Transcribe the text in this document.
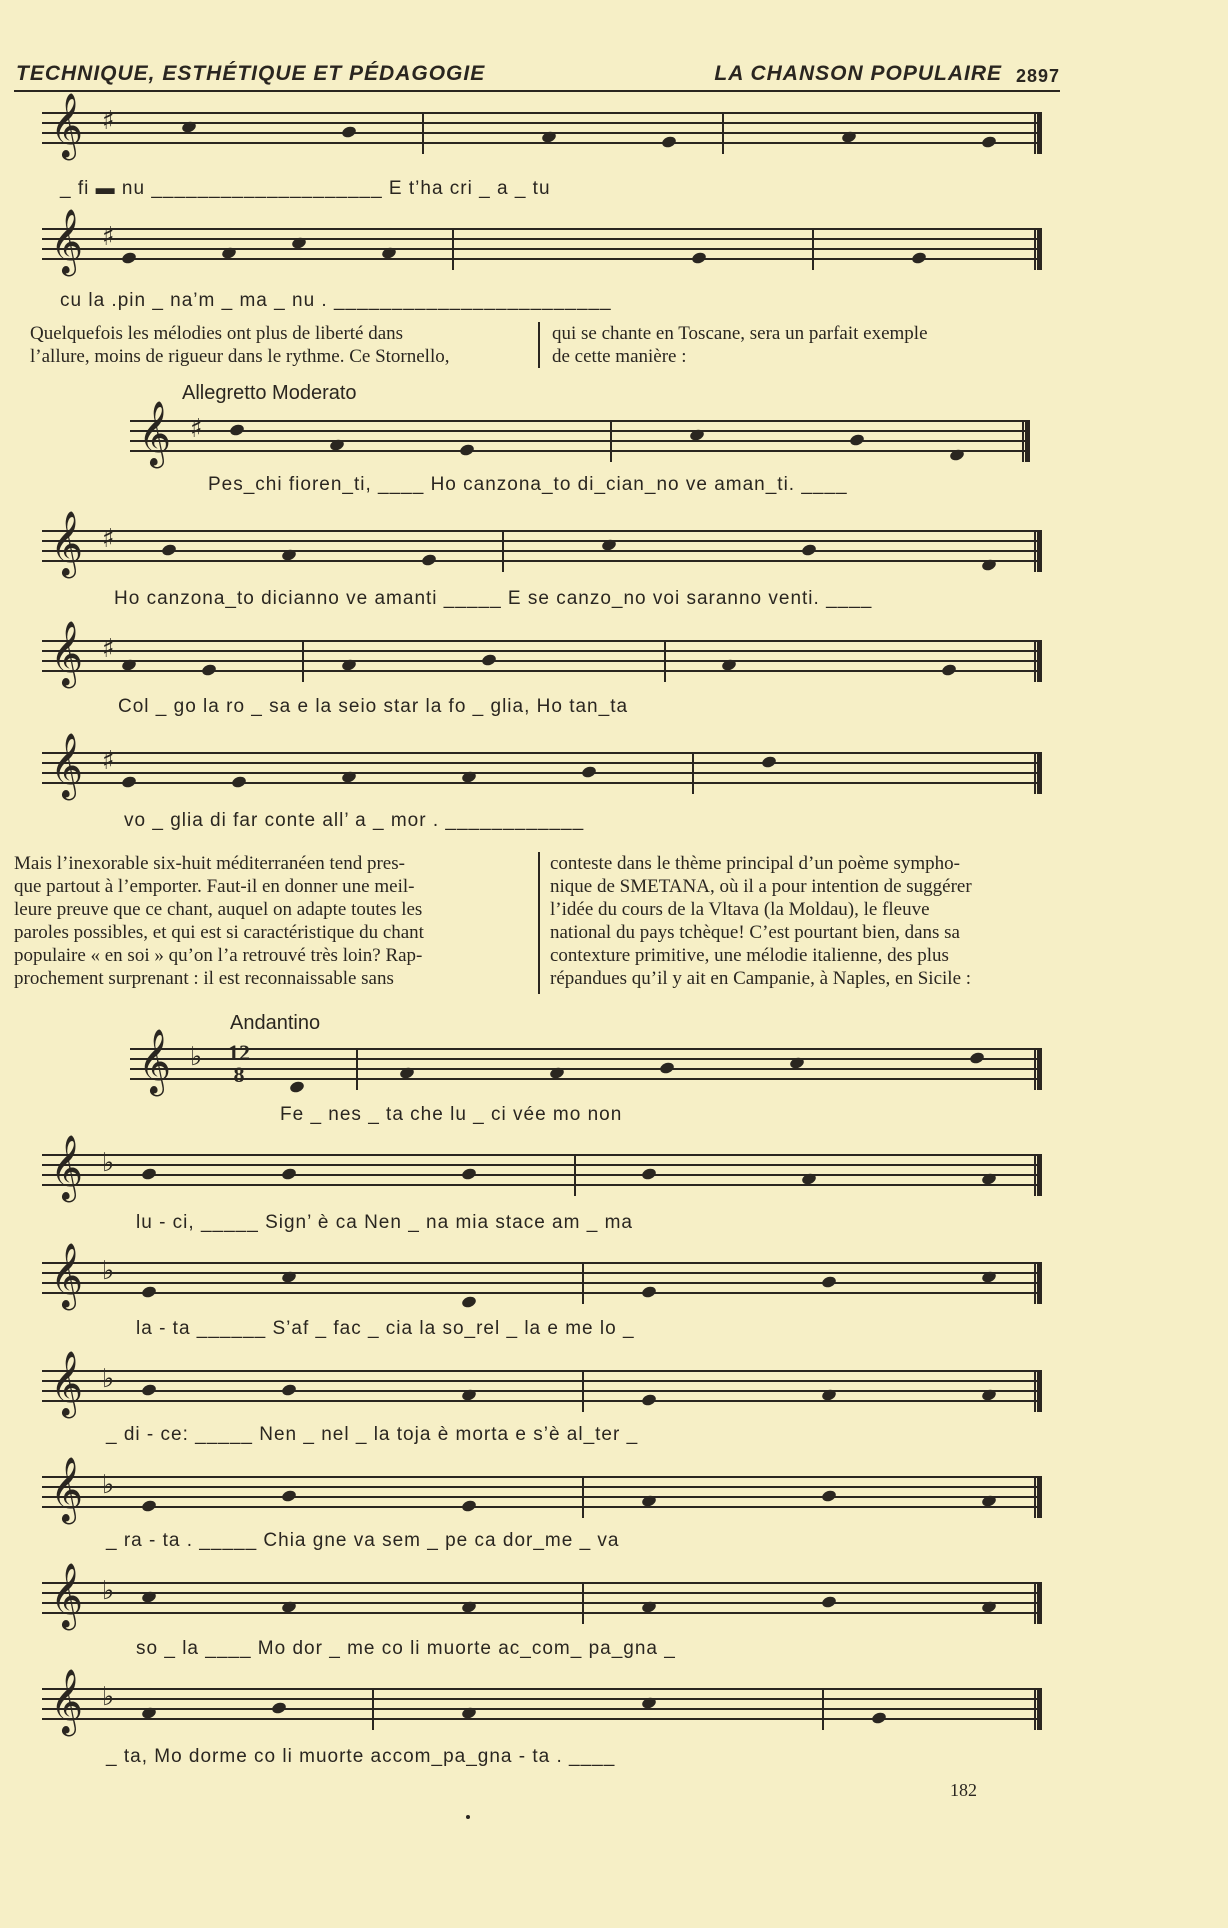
TECHNIQUE, ESTHÉTIQUE ET PÉDAGOGIE	LA CHANSON POPULAIRE 2897
𝄞 ♯
_ fi ▬ nu ____________________ E t’ha cri _ a _ tu
𝄞 ♯
cu la .pin _ na’m _ ma _ nu . ________________________
Quelquefois les mélodies ont plus de liberté dans
l’allure, moins de rigueur dans le rythme. Ce Stornello,
qui se chante en Toscane, sera un parfait exemple
de cette manière :
Allegretto Moderato
𝄞 ♯
Pes_chi fioren_ti, ____ Ho canzona_to di_cian_no ve aman_ti. ____
𝄞 ♯
Ho canzona_to dicianno ve amanti _____ E se canzo_no voi saranno venti. ____
𝄞 ♯
Col _ go la ro _ sa e la seio star la fo _ glia, Ho tan_ta
𝄞 ♯
vo _ glia di far conte all’ a _ mor . ____________
Mais l’inexorable six-huit méditerranéen tend pres-
que partout à l’emporter. Faut-il en donner une meil-
leure preuve que ce chant, auquel on adapte toutes les
paroles possibles, et qui est si caractéristique du chant
populaire « en soi » qu’on l’a retrouvé très loin? Rap-
prochement surprenant : il est reconnaissable sans
conteste dans le thème principal d’un poème sympho-
nique de SMETANA, où il a pour intention de suggérer
l’idée du cours de la Vltava (la Moldau), le fleuve
national du pays tchèque! C’est pourtant bien, dans sa
contexture primitive, une mélodie italienne, des plus
répandues qu’il y ait en Campanie, à Naples, en Sicile :
Andantino
𝄞 ♭ 12
8
Fe _ nes _ ta che lu _ ci vée mo non
𝄞 ♭
lu - ci, _____ Sign’ è ca Nen _ na mia stace am _ ma
𝄞 ♭
la - ta ______ S’af _ fac _ cia la so_rel _ la e me lo _
𝄞 ♭
_ di - ce: _____ Nen _ nel _ la toja è morta e s’è al_ter _
𝄞 ♭
_ ra - ta . _____ Chia gne va sem _ pe ca dor_me _ va
𝄞 ♭
so _ la ____ Mo dor _ me co li muorte ac_com_ pa_gna _
𝄞 ♭
_ ta, Mo dorme co li muorte accom_pa_gna - ta . ____
182
